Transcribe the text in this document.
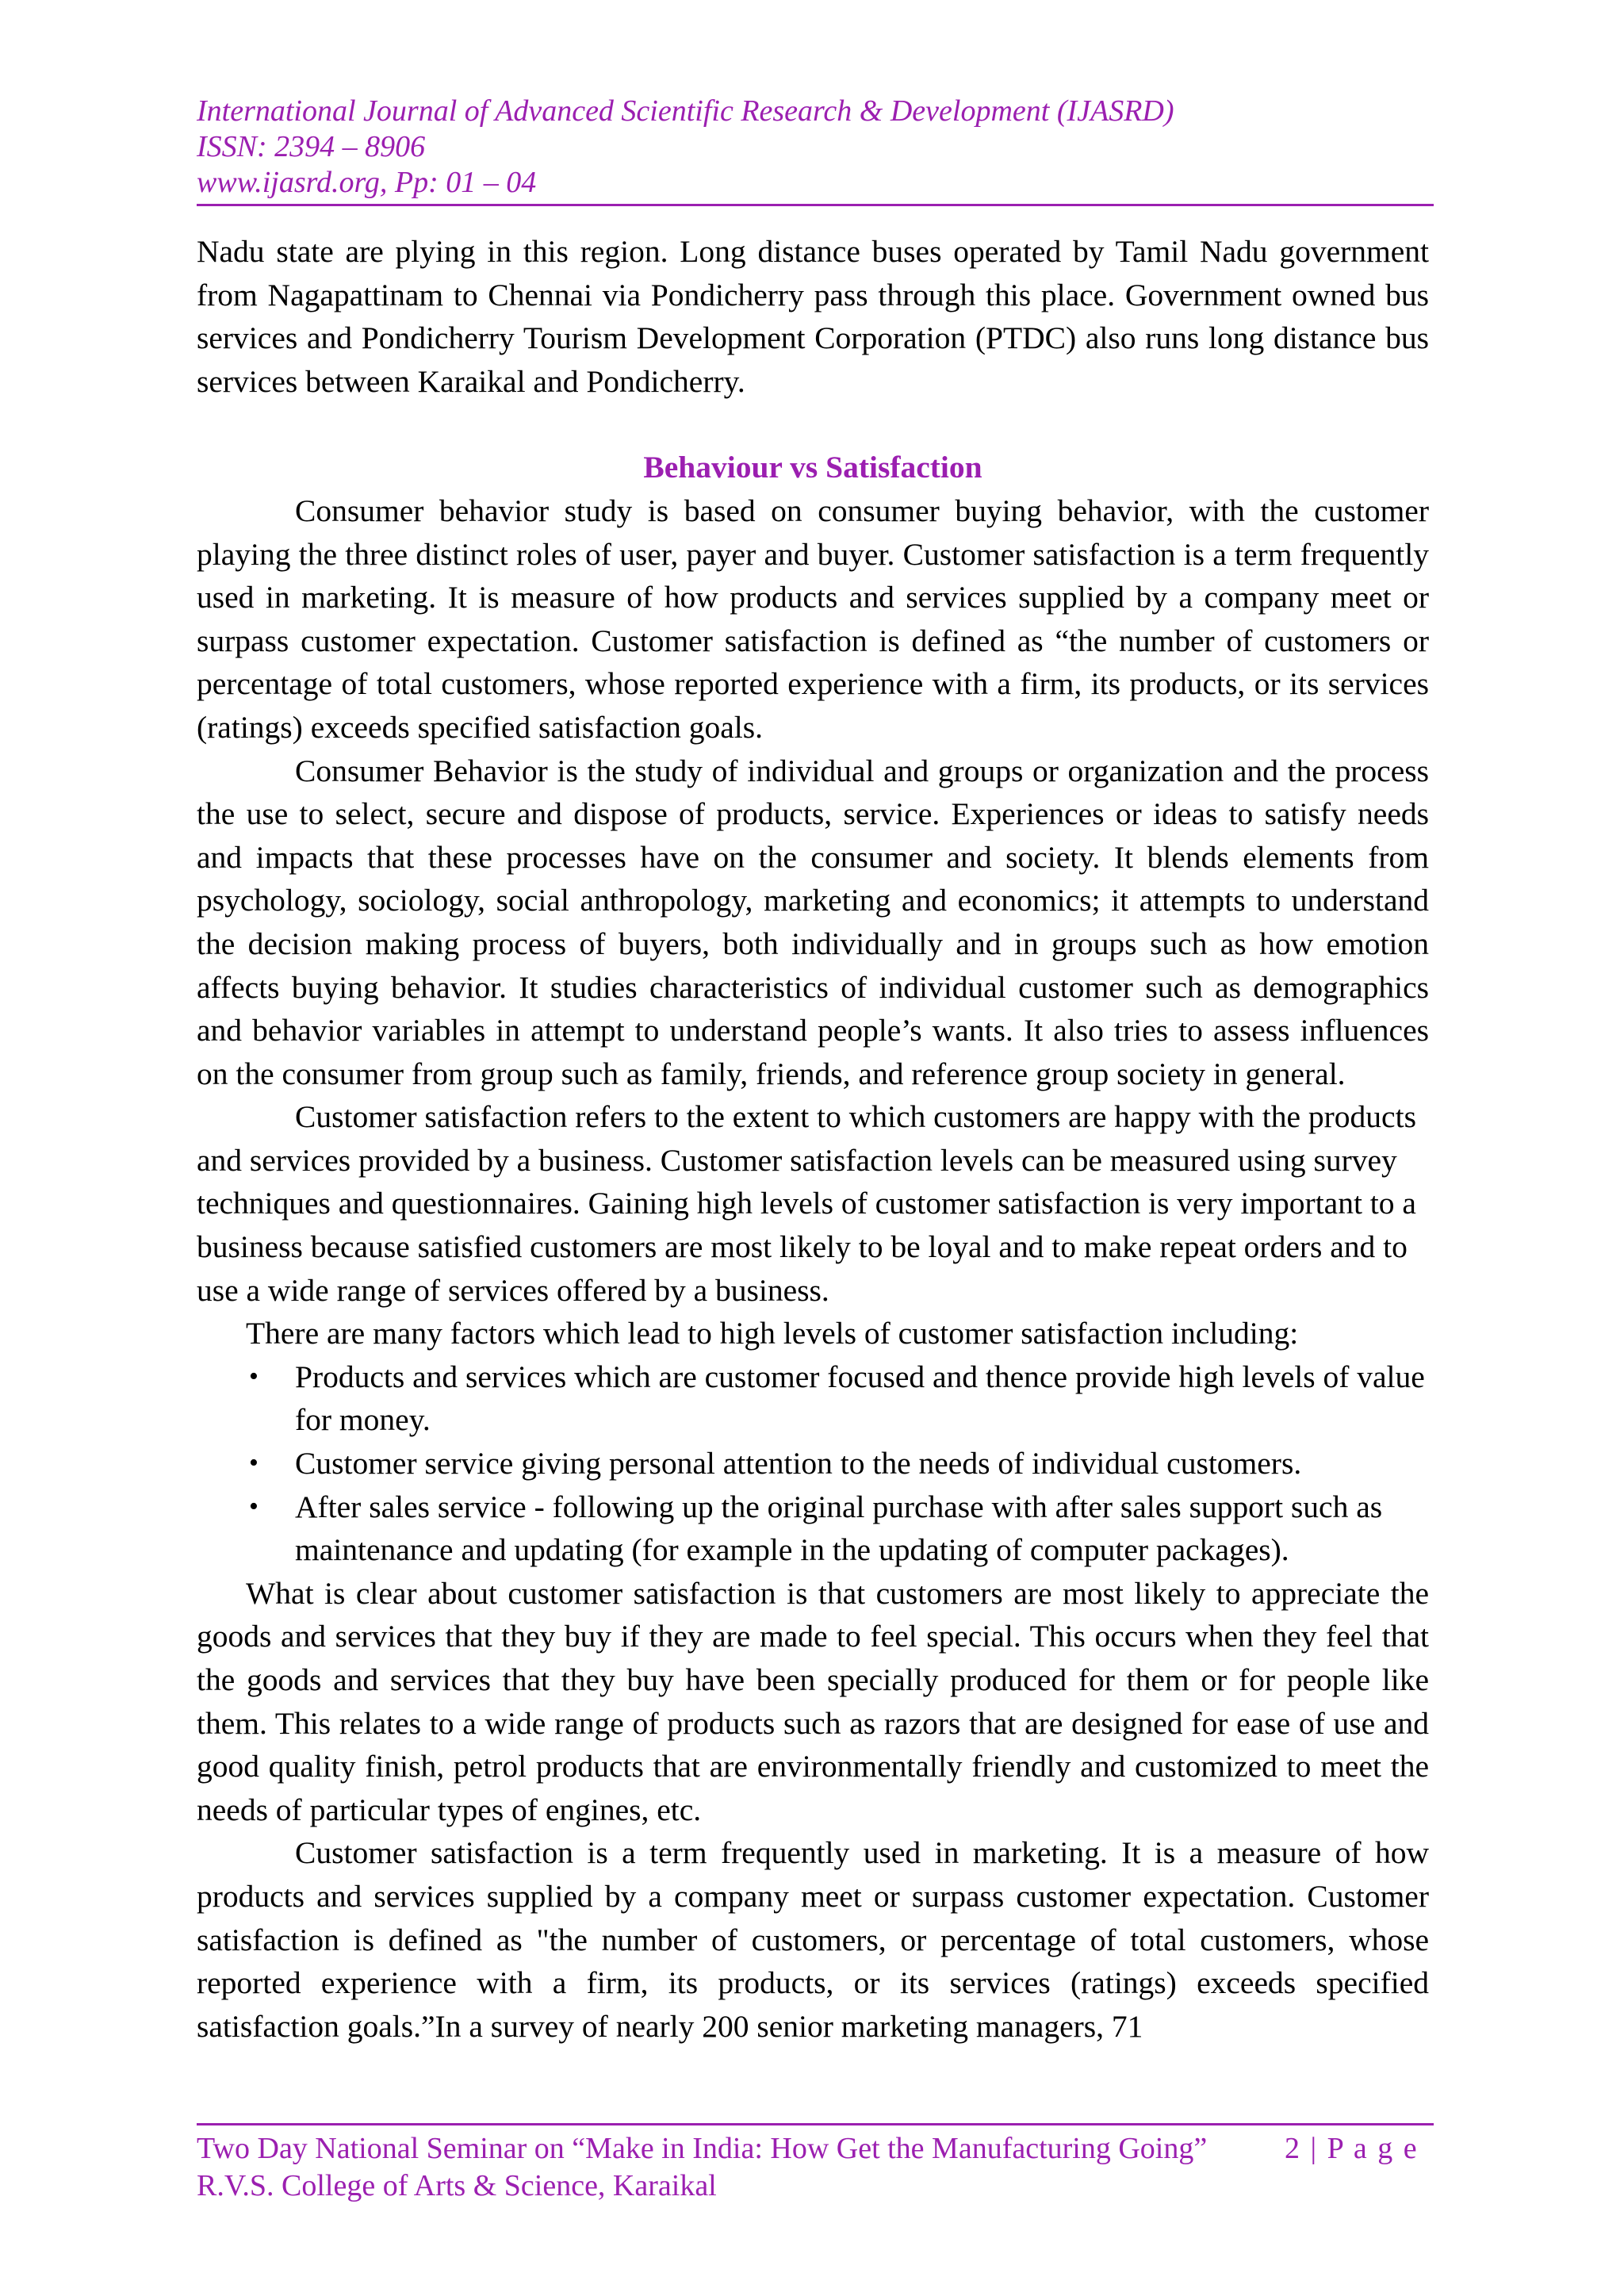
International Journal of Advanced Scientific Research & Development (IJASRD)
ISSN: 2394 – 8906
www.ijasrd.org, Pp: 01 – 04

Nadu state are plying in this region. Long distance buses operated by Tamil Nadu government from Nagapattinam to Chennai via Pondicherry pass through this place. Government owned bus services and Pondicherry Tourism Development Corporation (PTDC) also runs long distance bus services between Karaikal and Pondicherry.

Behaviour vs Satisfaction

Consumer behavior study is based on consumer buying behavior, with the customer playing the three distinct roles of user, payer and buyer. Customer satisfaction is a term frequently used in marketing. It is measure of how products and services supplied by a company meet or surpass customer expectation. Customer satisfaction is defined as “the number of customers or percentage of total customers, whose reported experience with a firm, its products, or its services (ratings) exceeds specified satisfaction goals.

Consumer Behavior is the study of individual and groups or organization and the process the use to select, secure and dispose of products, service. Experiences or ideas to satisfy needs and impacts that these processes have on the consumer and society. It blends elements from psychology, sociology, social anthropology, marketing and economics; it attempts to understand the decision making process of buyers, both individually and in groups such as how emotion affects buying behavior. It studies characteristics of individual customer such as demographics and behavior variables in attempt to understand people’s wants. It also tries to assess influences on the consumer from group such as family, friends, and reference group society in general.

Customer satisfaction refers to the extent to which customers are happy with the products and services provided by a business. Customer satisfaction levels can be measured using survey techniques and questionnaires. Gaining high levels of customer satisfaction is very important to a business because satisfied customers are most likely to be loyal and to make repeat orders and to use a wide range of services offered by a business.

There are many factors which lead to high levels of customer satisfaction including:

• Products and services which are customer focused and thence provide high levels of value for money.
• Customer service giving personal attention to the needs of individual customers.
• After sales service - following up the original purchase with after sales support such as maintenance and updating (for example in the updating of computer packages).

What is clear about customer satisfaction is that customers are most likely to appreciate the goods and services that they buy if they are made to feel special. This occurs when they feel that the goods and services that they buy have been specially produced for them or for people like them. This relates to a wide range of products such as razors that are designed for ease of use and good quality finish, petrol products that are environmentally friendly and customized to meet the needs of particular types of engines, etc.

Customer satisfaction is a term frequently used in marketing. It is a measure of how products and services supplied by a company meet or surpass customer expectation. Customer satisfaction is defined as "the number of customers, or percentage of total customers, whose reported experience with a firm, its products, or its services (ratings) exceeds specified satisfaction goals.”In a survey of nearly 200 senior marketing managers, 71

Two Day National Seminar on “Make in India: How Get the Manufacturing Going”	2 | P a g e
R.V.S. College of Arts & Science, Karaikal
